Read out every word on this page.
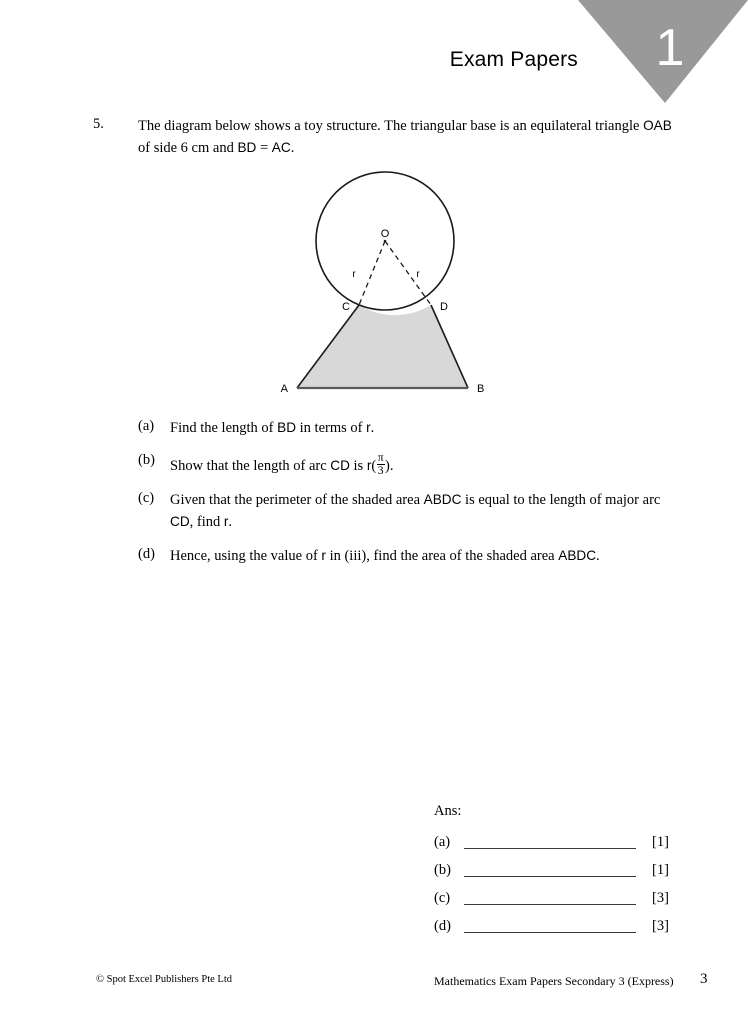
1
Exam Papers
5. The diagram below shows a toy structure. The triangular base is an equilateral triangle OAB of side 6 cm and BD = AC.
O
r	r
C	D
A	B
(a) Find the length of BD in terms of r.
(b) Show that the length of arc CD is $r( \frac{\pi}{3}$ ).
(c) Given that the perimeter of the shaded area ABDC is equal to the length of major arc CD, find r.
(d) Hence, using the value of r in (iii), find the area of the shaded area ABDC.
Ans:
(a)	[1]
(b)	[1]
(c)	[3]
(d)	[3]
© Spot Excel Publishers Pte Ltd	Mathematics Exam Papers Secondary 3 (Express) 3
